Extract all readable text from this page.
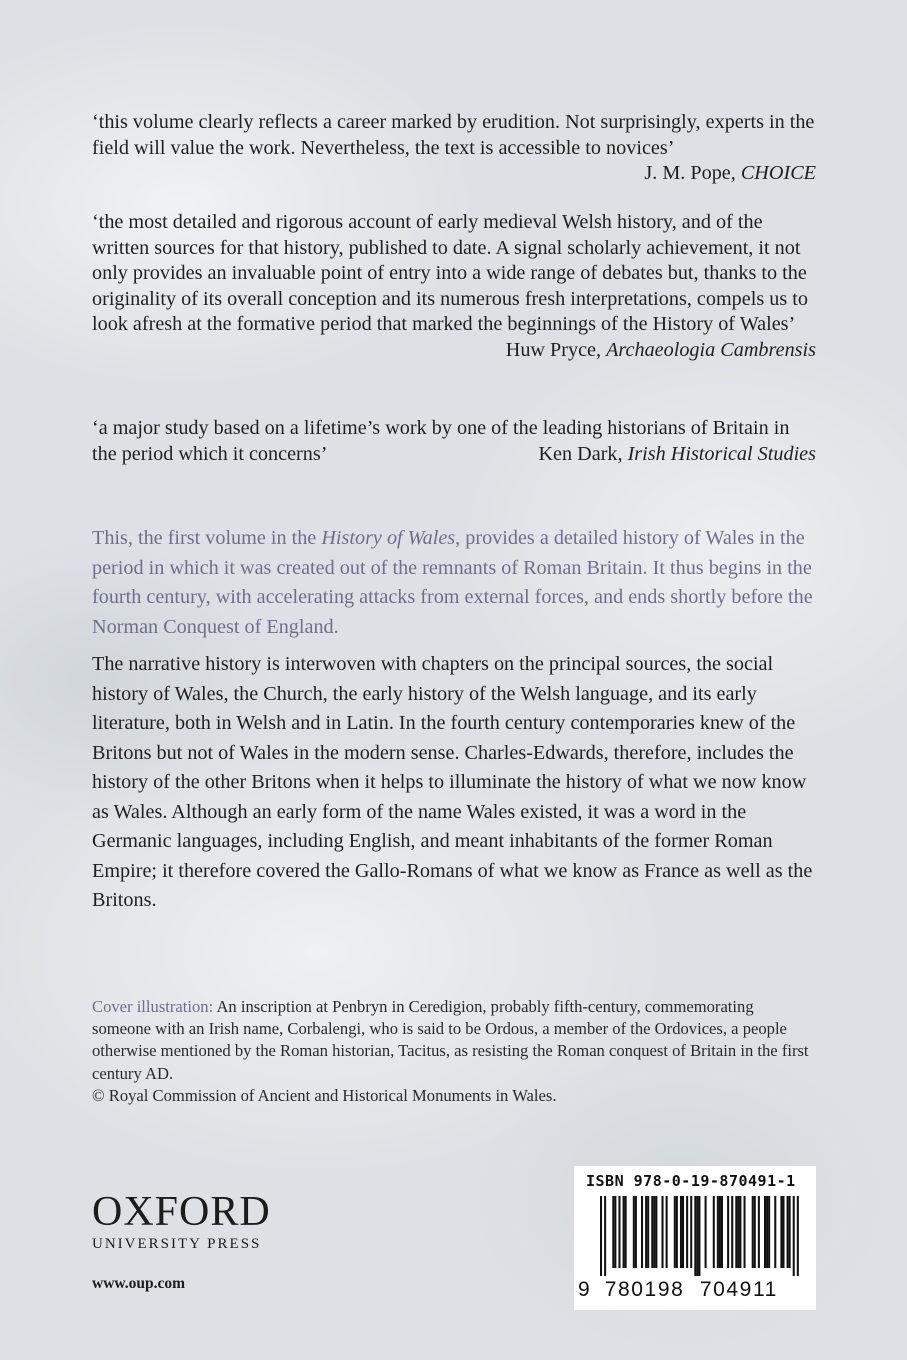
‘this volume clearly reflects a career marked by erudition. Not surprisingly, experts in the field will value the work. Nevertheless, the text is accessible to novices’
J. M. Pope, CHOICE
‘the most detailed and rigorous account of early medieval Welsh history, and of the written sources for that history, published to date. A signal scholarly achievement, it not only provides an invaluable point of entry into a wide range of debates but, thanks to the originality of its overall conception and its numerous fresh interpretations, compels us to look afresh at the formative period that marked the beginnings of the History of Wales’
Huw Pryce, Archaeologia Cambrensis
‘a major study based on a lifetime’s work by one of the leading historians of Britain in the period which it concerns’	Ken Dark, Irish Historical Studies
This, the first volume in the History of Wales, provides a detailed history of Wales in the period in which it was created out of the remnants of Roman Britain. It thus begins in the fourth century, with accelerating attacks from external forces, and ends shortly before the Norman Conquest of England.
The narrative history is interwoven with chapters on the principal sources, the social history of Wales, the Church, the early history of the Welsh language, and its early literature, both in Welsh and in Latin. In the fourth century contemporaries knew of the Britons but not of Wales in the modern sense. Charles-Edwards, therefore, includes the history of the other Britons when it helps to illuminate the history of what we now know as Wales. Although an early form of the name Wales existed, it was a word in the Germanic languages, including English, and meant inhabitants of the former Roman Empire; it therefore covered the Gallo-Romans of what we know as France as well as the Britons.
Cover illustration: An inscription at Penbryn in Ceredigion, probably fifth-century, commemorating someone with an Irish name, Corbalengi, who is said to be Ordous, a member of the Ordovices, a people otherwise mentioned by the Roman historian, Tacitus, as resisting the Roman conquest of Britain in the first century AD.
© Royal Commission of Ancient and Historical Monuments in Wales.
OXFORD
UNIVERSITY PRESS
www.oup.com
ISBN 978-0-19-870491-1
9 780198 704911
